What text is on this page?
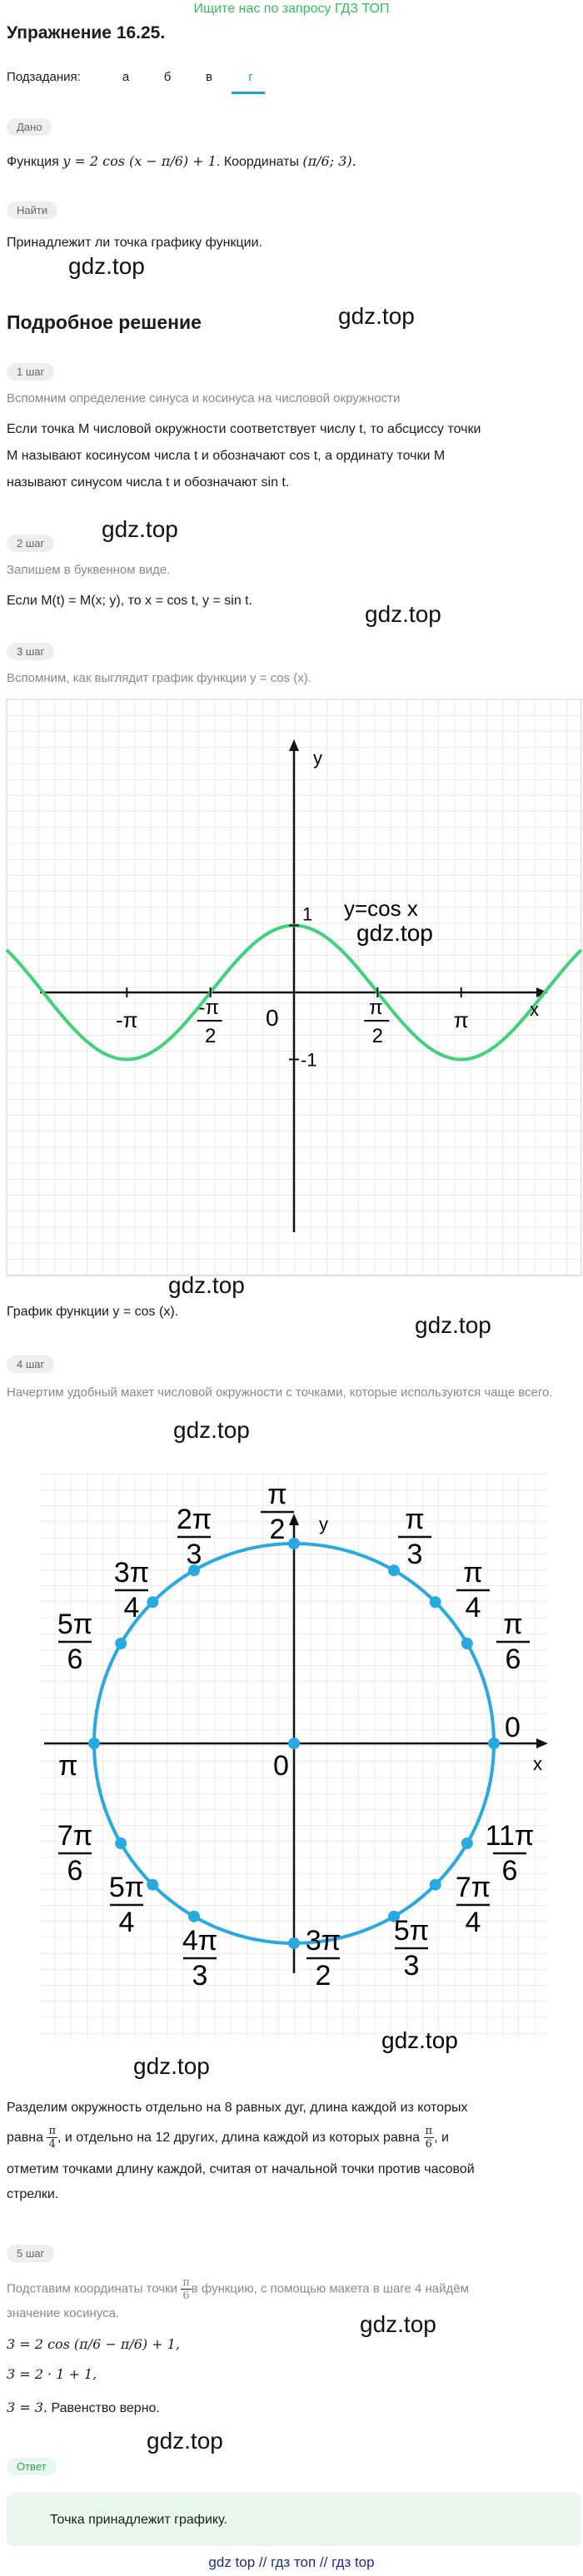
Ищите нас по запросу ГДЗ ТОП
Упражнение 16.25.
Подзадания:	а	б	в	г
Дано
Функция y = 2 cos (x − π/6) + 1. Координаты (π/6; 3).
Найти
Принадлежит ли точка графику функции.
gdz.top
gdz.top
Подробное решение
1 шаг
Вспомним определение синуса и косинуса на числовой окружности
Если точка M числовой окружности соответствует числу t, то абсциссу точки
M называют косинусом числа t и обозначают cos t, а ординату точки M
называют синусом числа t и обозначают sin t.
gdz.top
2 шаг
Запишем в буквенном виде.
Если M(t) = M(x; y), то x = cos t, y = sin t.
gdz.top
3 шаг
Вспомним, как выглядит график функции y = cos (x).
-π	-π
2
π
2
π
0
1
-1
y
x
y=cos x
gdz.top
gdz.top
График функции y = cos (x).
gdz.top
4 шаг
Начертим удобный макет числовой окружности с точками, которые используются чаще всего.
gdz.top
y
x
0
0
π
π
2	π
3
π
4
π
6
2π
3
3π
4
5π
6
7π
6
5π
4
4π
3
3π
2
5π
3
7π
4
11π
6
gdz.top
gdz.top
Разделим окружность отдельно на 8 равных дуг, длина каждой из которых
равна $\frac{\pi}{4}$ , и отдельно на 12 других, длина каждой из которых равна $\frac{\pi}{6}$ , и
отметим точками длину каждой, считая от начальной точки против часовой
стрелки.
5 шаг
Подставим координаты точки $\frac{\pi}{6}$ в функцию, с помощью макета в шаге 4 найдём
значение косинуса.	gdz.top
3 = 2 cos (π/6 − π/6) + 1,
3 = 2 · 1 + 1,
3 = 3. Равенство верно.
gdz.top
Ответ
Точка принадлежит графику.
gdz top // гдз топ // гдз top
